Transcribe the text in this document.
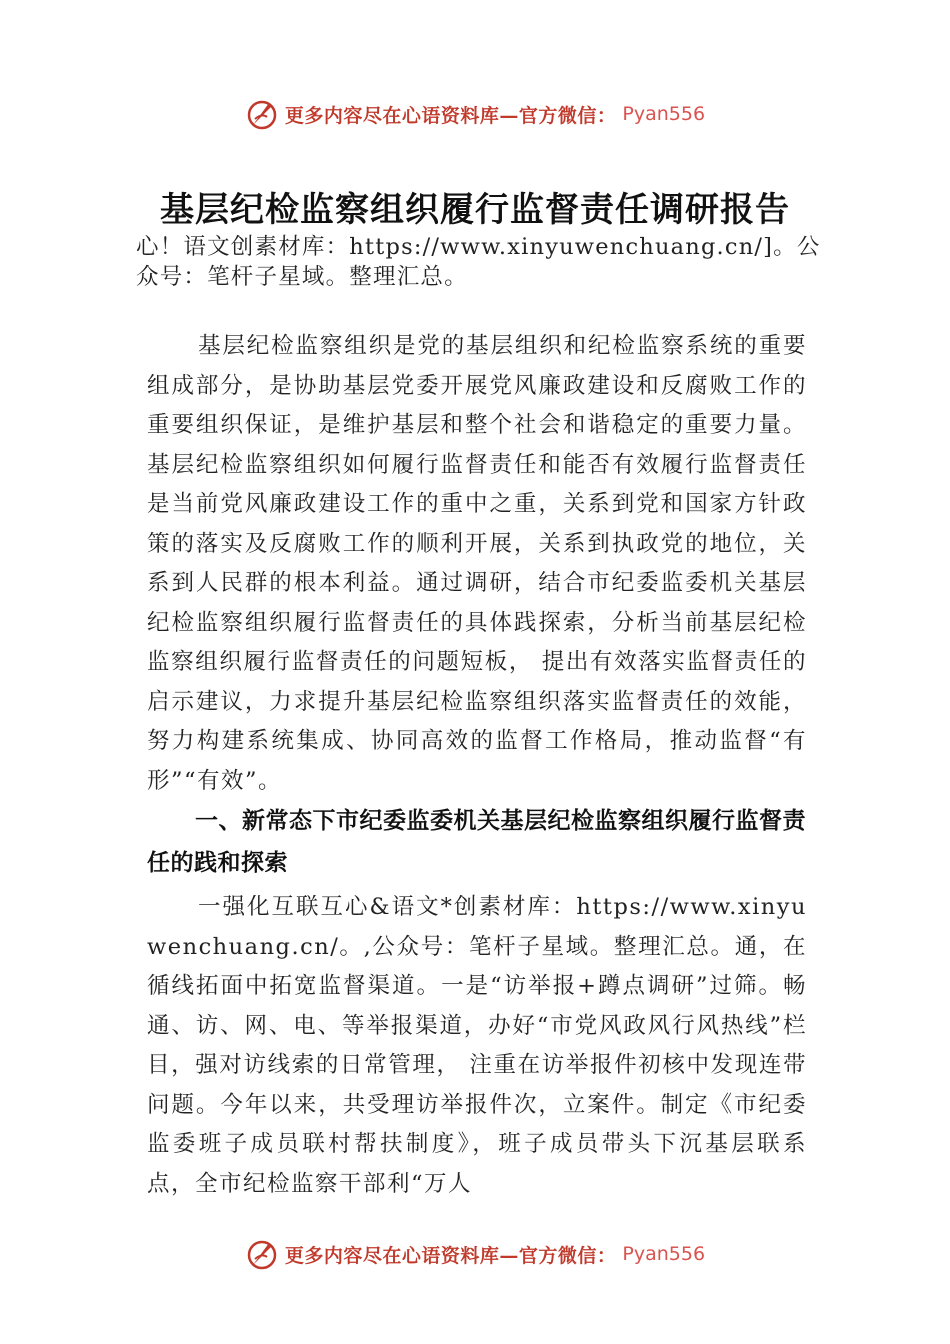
更多内容尽在心语资料库—官方微信： Pyan556
基层纪检监察组织履行监督责任调研报告

心！语文创素材库：https://www.xinyuwenchuang.cn/]。公众号：笔杆子星域。整理汇总。

基层纪检监察组织是党的基层组织和纪检监察系统的重要组成部分，是协助基层党委开展党风廉政建设和反腐败工作的重要组织保证，是维护基层和整个社会和谐稳定的重要力量。基层纪检监察组织如何履行监督责任和能否有效履行监督责任是当前党风廉政建设工作的重中之重，关系到党和国家方针政策的落实及反腐败工作的顺利开展，关系到执政党的地位，关系到人民群的根本利益。通过调研，结合市纪委监委机关基层纪检监察组织履行监督责任的具体践探索，分析当前基层纪检监察组织履行监督责任的问题短板， 提出有效落实监督责任的启示建议，力求提升基层纪检监察组织落实监督责任的效能，努力构建系统集成、协同高效的监督工作格局，推动监督“有形”“有效”。

一、新常态下市纪委监委机关基层纪检监察组织履行监督责任的践和探索

一强化互联互心&语文*创素材库：https://www.xinyuwenchuang.cn/。,公众号：笔杆子星域。整理汇总。通，在循线拓面中拓宽监督渠道。一是“访举报+蹲点调研”过筛。畅通、访、网、电、等举报渠道，办好“市党风政风行风热线”栏目，强对访线索的日常管理， 注重在访举报件初核中发现连带问题。今年以来，共受理访举报件次，立案件。制定《市纪委监委班子成员联村帮扶制度》，班子成员带头下沉基层联系点，全市纪检监察干部利“万人

更多内容尽在心语资料库—官方微信： Pyan556
